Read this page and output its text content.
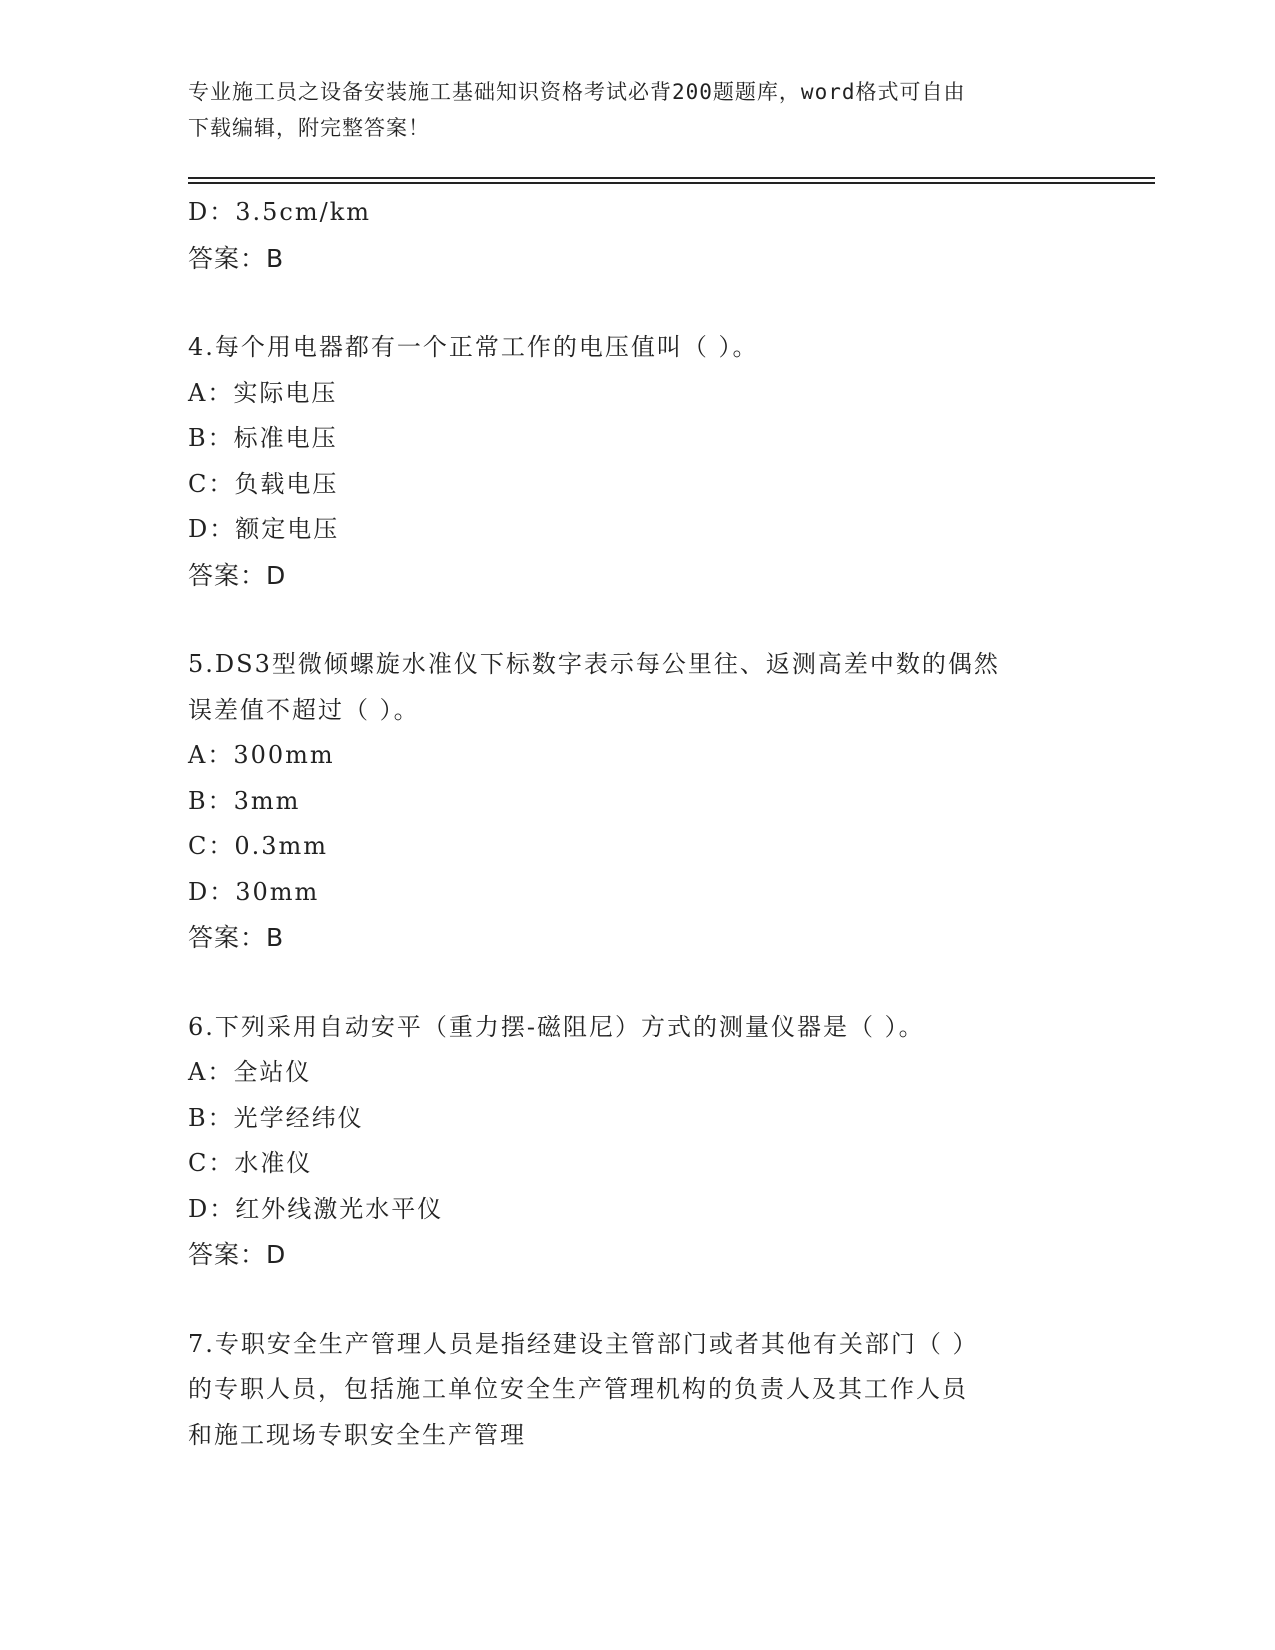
专业施工员之设备安装施工基础知识资格考试必背200题题库，word格式可自由
下载编辑，附完整答案！
D：3.5cm/km
答案：B
4.每个用电器都有一个正常工作的电压值叫（ ）。
A：实际电压
B：标准电压
C：负载电压
D：额定电压
答案：D
5.DS3型微倾螺旋水准仪下标数字表示每公里往、返测高差中数的偶然
误差值不超过（ ）。
A：300mm
B：3mm
C：0.3mm
D：30mm
答案：B
6.下列采用自动安平（重力摆-磁阻尼）方式的测量仪器是（ ）。
A：全站仪
B：光学经纬仪
C：水准仪
D：红外线激光水平仪
答案：D
7.专职安全生产管理人员是指经建设主管部门或者其他有关部门（ ）
的专职人员，包括施工单位安全生产管理机构的负责人及其工作人员
和施工现场专职安全生产管理
